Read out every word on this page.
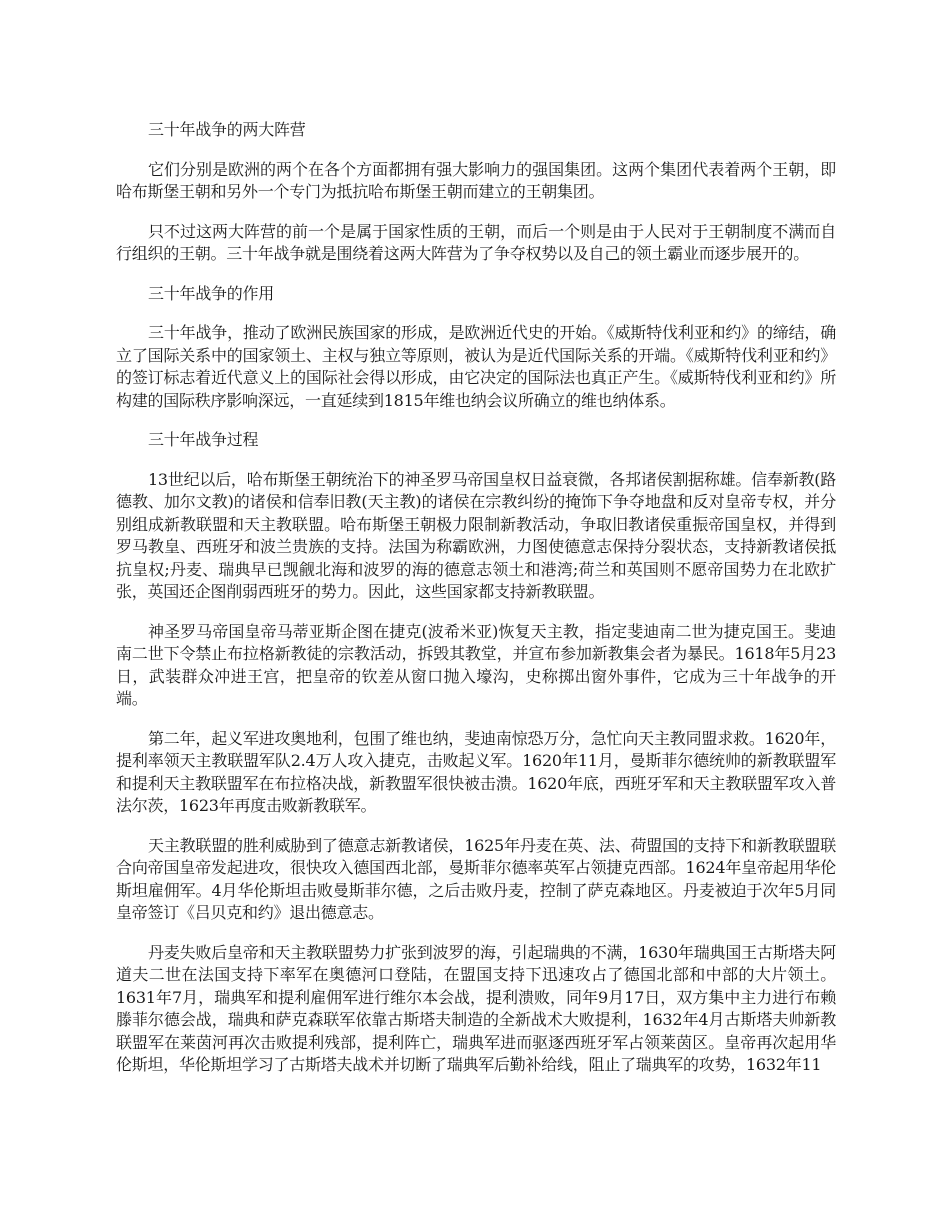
三十年战争的两大阵营

它们分别是欧洲的两个在各个方面都拥有强大影响力的强国集团。这两个集团代表着两个王朝，即哈布斯堡王朝和另外一个专门为抵抗哈布斯堡王朝而建立的王朝集团。

只不过这两大阵营的前一个是属于国家性质的王朝，而后一个则是由于人民对于王朝制度不满而自行组织的王朝。三十年战争就是围绕着这两大阵营为了争夺权势以及自己的领土霸业而逐步展开的。

三十年战争的作用

三十年战争，推动了欧洲民族国家的形成，是欧洲近代史的开始。《威斯特伐利亚和约》的缔结，确立了国际关系中的国家领土、主权与独立等原则，被认为是近代国际关系的开端。《威斯特伐利亚和约》的签订标志着近代意义上的国际社会得以形成，由它决定的国际法也真正产生。《威斯特伐利亚和约》所构建的国际秩序影响深远，一直延续到1815年维也纳会议所确立的维也纳体系。

三十年战争过程

13世纪以后，哈布斯堡王朝统治下的神圣罗马帝国皇权日益衰微，各邦诸侯割据称雄。信奉新教(路德教、加尔文教)的诸侯和信奉旧教(天主教)的诸侯在宗教纠纷的掩饰下争夺地盘和反对皇帝专权，并分别组成新教联盟和天主教联盟。哈布斯堡王朝极力限制新教活动，争取旧教诸侯重振帝国皇权，并得到罗马教皇、西班牙和波兰贵族的支持。法国为称霸欧洲，力图使德意志保持分裂状态，支持新教诸侯抵抗皇权;丹麦、瑞典早已觊觎北海和波罗的海的德意志领土和港湾;荷兰和英国则不愿帝国势力在北欧扩张，英国还企图削弱西班牙的势力。因此，这些国家都支持新教联盟。

神圣罗马帝国皇帝马蒂亚斯企图在捷克(波希米亚)恢复天主教，指定斐迪南二世为捷克国王。斐迪南二世下令禁止布拉格新教徒的宗教活动，拆毁其教堂，并宣布参加新教集会者为暴民。1618年5月23日，武装群众冲进王宫，把皇帝的钦差从窗口抛入壕沟，史称掷出窗外事件，它成为三十年战争的开端。

第二年，起义军进攻奥地利，包围了维也纳，斐迪南惊恐万分，急忙向天主教同盟求救。1620年，提利率领天主教联盟军队2.4万人攻入捷克，击败起义军。1620年11月，曼斯菲尔德统帅的新教联盟军和提利天主教联盟军在布拉格决战，新教盟军很快被击溃。1620年底，西班牙军和天主教联盟军攻入普法尔茨，1623年再度击败新教联军。

天主教联盟的胜利威胁到了德意志新教诸侯，1625年丹麦在英、法、荷盟国的支持下和新教联盟联合向帝国皇帝发起进攻，很快攻入德国西北部，曼斯菲尔德率英军占领捷克西部。1624年皇帝起用华伦斯坦雇佣军。4月华伦斯坦击败曼斯菲尔德，之后击败丹麦，控制了萨克森地区。丹麦被迫于次年5月同皇帝签订《吕贝克和约》退出德意志。

丹麦失败后皇帝和天主教联盟势力扩张到波罗的海，引起瑞典的不满，1630年瑞典国王古斯塔夫阿道夫二世在法国支持下率军在奥德河口登陆，在盟国支持下迅速攻占了德国北部和中部的大片领土。1631年7月，瑞典军和提利雇佣军进行维尔本会战，提利溃败，同年9月17日，双方集中主力进行布赖滕菲尔德会战，瑞典和萨克森联军依靠古斯塔夫制造的全新战术大败提利，1632年4月古斯塔夫帅新教联盟军在莱茵河再次击败提利残部，提利阵亡，瑞典军进而驱逐西班牙军占领莱茵区。皇帝再次起用华伦斯坦，华伦斯坦学习了古斯塔夫战术并切断了瑞典军后勤补给线，阻止了瑞典军的攻势，1632年11
